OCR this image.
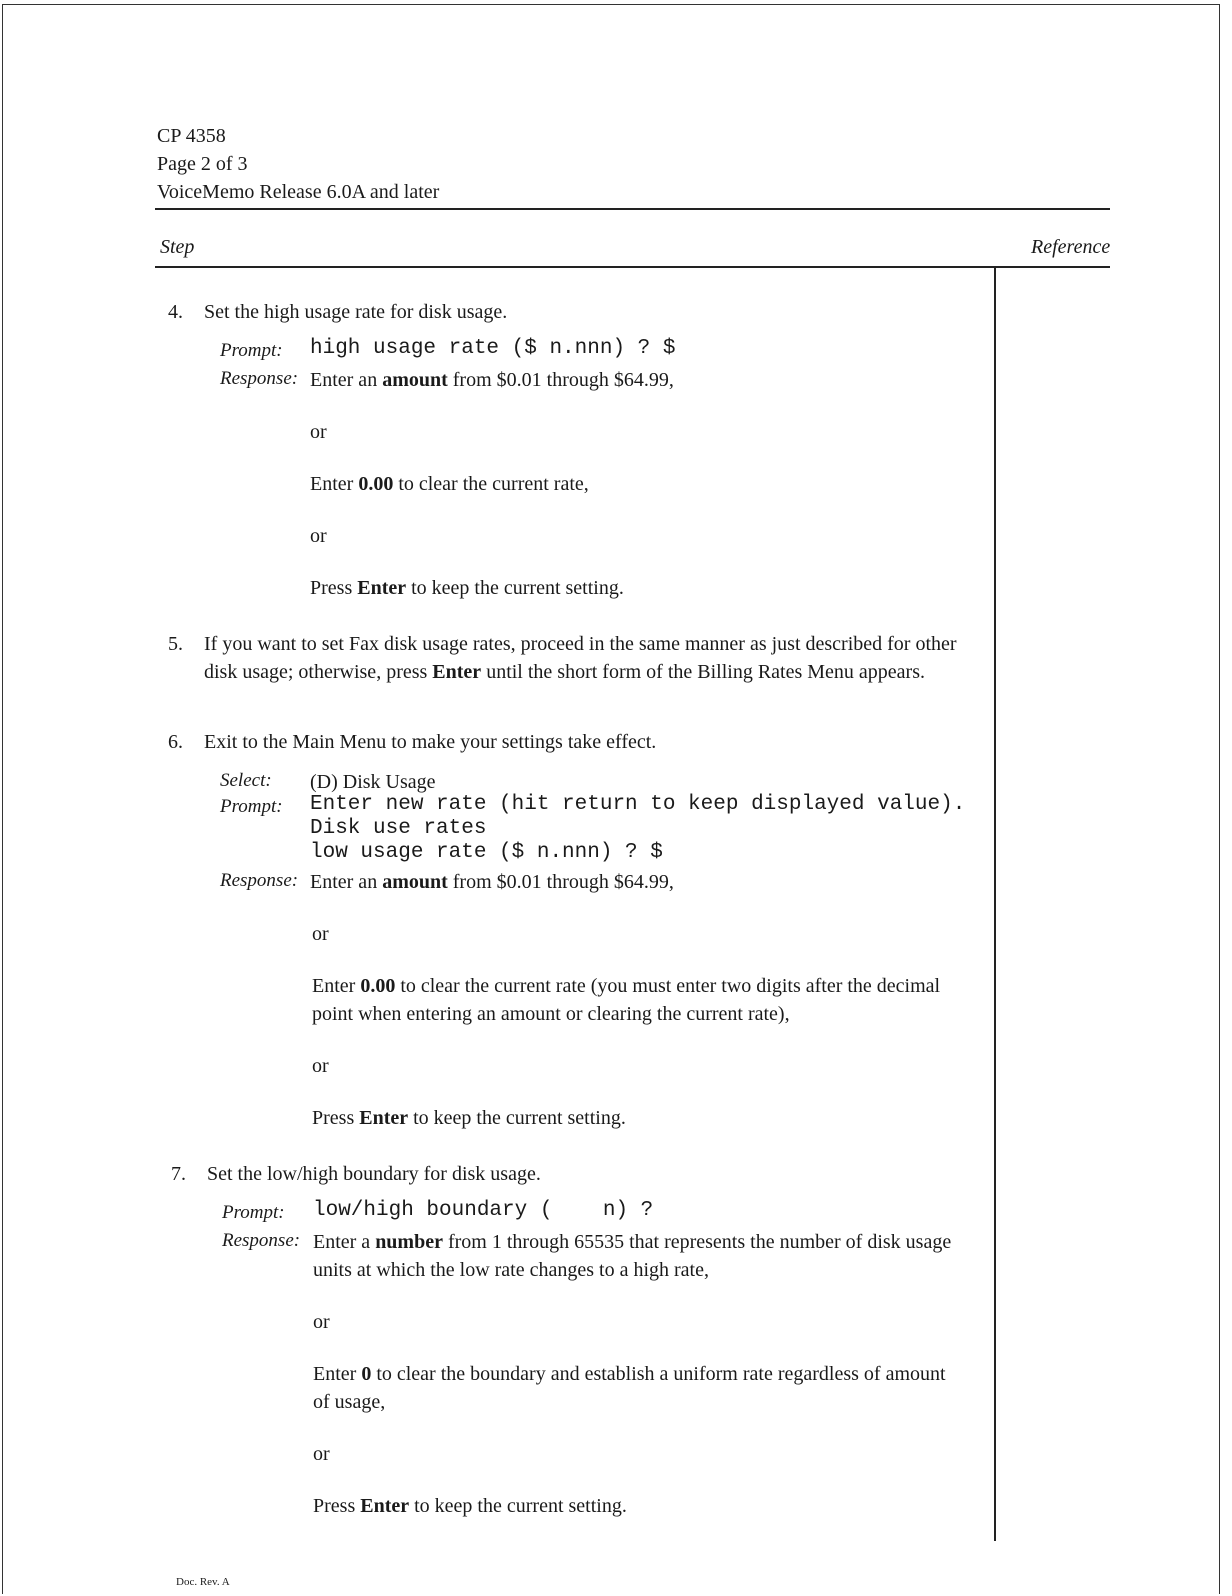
CP 4358
Page 2 of 3
VoiceMemo Release 6.0A and later
Step	Reference
4. Set the high usage rate for disk usage.
Prompt: high usage rate ($ n.nnn) ? $
Response: Enter an amount from $0.01 through $64.99,
or
Enter 0.00 to clear the current rate,
or
Press Enter to keep the current setting.
5. If you want to set Fax disk usage rates, proceed in the same manner as just described for other disk usage; otherwise, press Enter until the short form of the Billing Rates Menu appears.
6. Exit to the Main Menu to make your settings take effect.
Select: (D) Disk Usage
Prompt: Enter new rate (hit return to keep displayed value).
Disk use rates
low usage rate ($ n.nnn) ? $
Response: Enter an amount from $0.01 through $64.99,
or
Enter 0.00 to clear the current rate (you must enter two digits after the decimal point when entering an amount or clearing the current rate),
or
Press Enter to keep the current setting.
7. Set the low/high boundary for disk usage.
Prompt: low/high boundary (    n) ?
Response: Enter a number from 1 through 65535 that represents the number of disk usage units at which the low rate changes to a high rate,
or
Enter 0 to clear the boundary and establish a uniform rate regardless of amount of usage,
or
Press Enter to keep the current setting.
Doc. Rev. A
